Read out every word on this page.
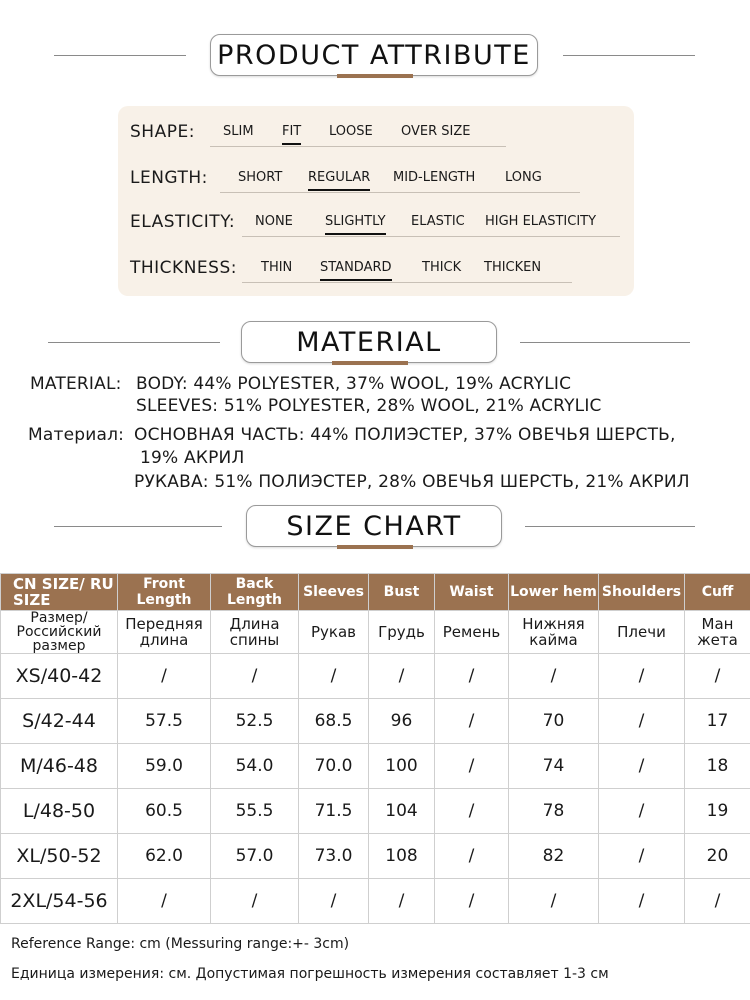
PRODUCT ATTRIBUTE
SHAPE: SLIM FIT LOOSE OVER SIZE
LENGTH: SHORT REGULAR MID-LENGTH LONG
ELASTICITY: NONE SLIGHTLY ELASTIC HIGH ELASTICITY
THICKNESS: THIN STANDARD THICK THICKEN
MATERIAL
MATERIAL: BODY: 44% POLYESTER, 37% WOOL, 19% ACRYLIC
SLEEVES: 51% POLYESTER, 28% WOOL, 21% ACRYLIC
Материал: ОСНОВНАЯ ЧАСТЬ: 44% ПОЛИЭСТЕР, 37% ОВЕЧЬЯ ШЕРСТЬ,
19% АКРИЛ
РУКАВА: 51% ПОЛИЭСТЕР, 28% ОВЕЧЬЯ ШЕРСТЬ, 21% АКРИЛ
SIZE CHART
CN SIZE/ RU SIZE	Front Length	Back Length	Sleeves	Bust	Waist	Lower hem	Shoulders	Cuff
Размер/ Российский размер	Передняя длина	Длина спины	Рукав	Грудь	Ремень	Нижняя кайма	Плечи	Ман жета
XS/40-42	/	/	/	/	/	/	/	/
S/42-44	57.5	52.5	68.5	96	/	70	/	17
M/46-48	59.0	54.0	70.0	100	/	74	/	18
L/48-50	60.5	55.5	71.5	104	/	78	/	19
XL/50-52	62.0	57.0	73.0	108	/	82	/	20
2XL/54-56	/	/	/	/	/	/	/	/
Reference Range: cm (Messuring range:+- 3cm)
Единица измерения: см. Допустимая погрешность измерения составляет 1-3 см
